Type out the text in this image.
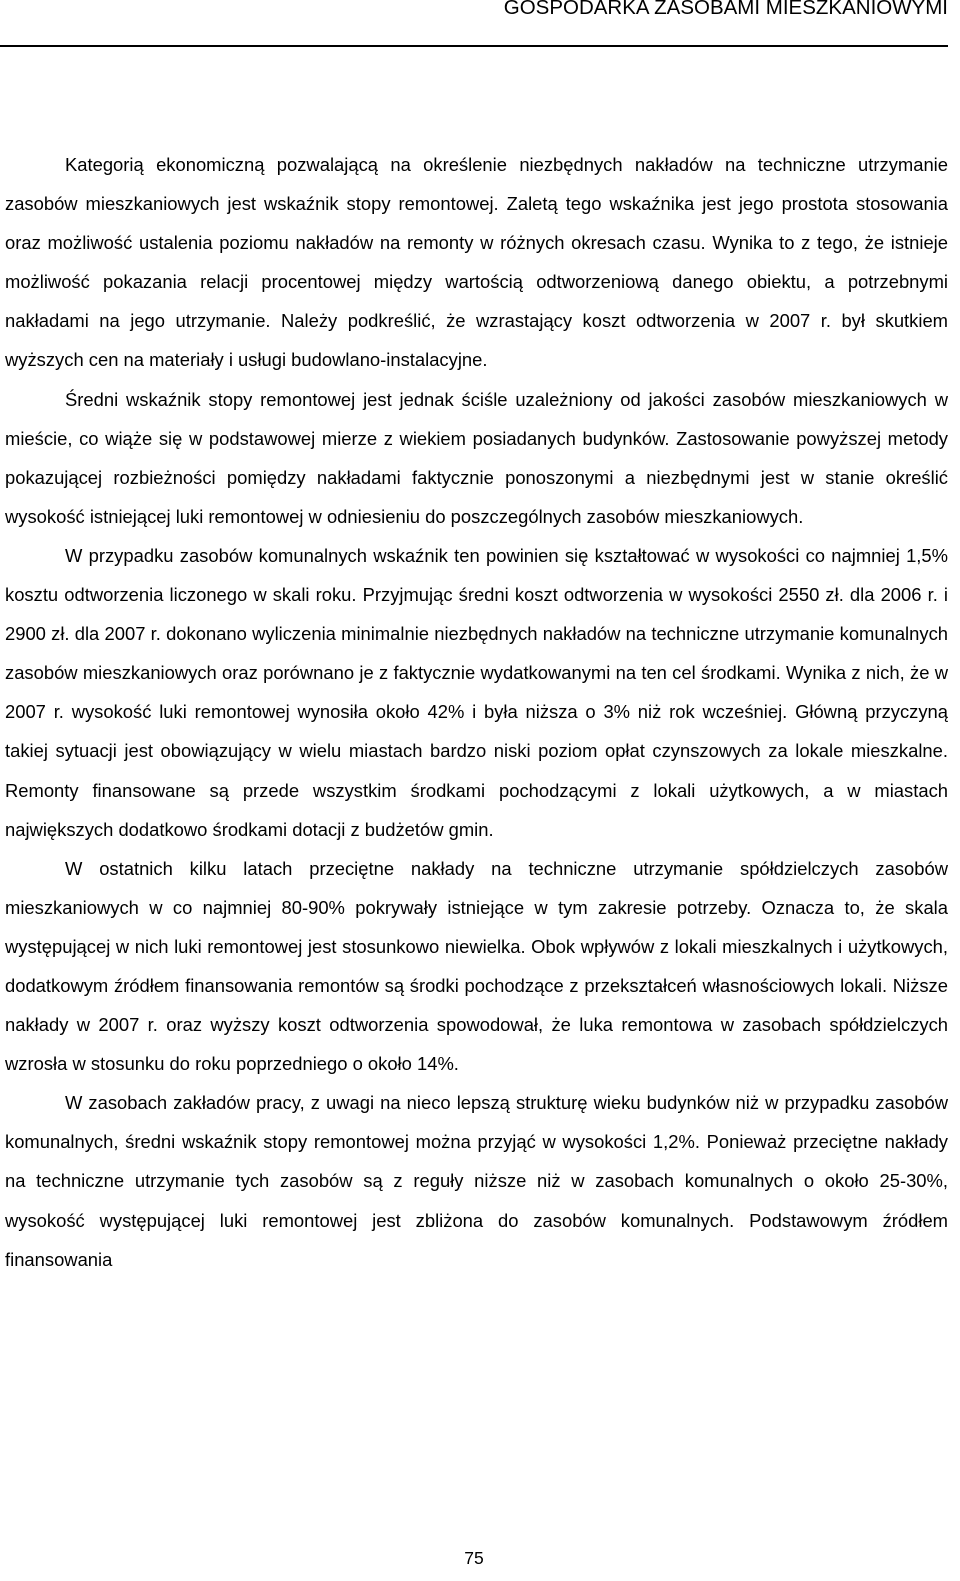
GOSPODARKA ZASOBAMI MIESZKANIOWYMI

Kategorią ekonomiczną pozwalającą na określenie niezbędnych nakładów na techniczne utrzymanie zasobów mieszkaniowych jest wskaźnik stopy remontowej. Zaletą tego wskaźnika jest jego prostota stosowania oraz możliwość ustalenia poziomu nakładów na remonty w różnych okresach czasu. Wynika to z tego, że istnieje możliwość pokazania relacji procentowej między wartością odtworzeniową danego obiektu, a potrzebnymi nakładami na jego utrzymanie. Należy podkreślić, że wzrastający koszt odtworzenia w 2007 r. był skutkiem wyższych cen na materiały i usługi budowlano-instalacyjne.

Średni wskaźnik stopy remontowej jest jednak ściśle uzależniony od jakości zasobów mieszkaniowych w mieście, co wiąże się w podstawowej mierze z wiekiem posiadanych budynków. Zastosowanie powyższej metody pokazującej rozbieżności pomiędzy nakładami faktycznie ponoszonymi a niezbędnymi jest w stanie określić wysokość istniejącej luki remontowej w odniesieniu do poszczególnych zasobów mieszkaniowych.

W przypadku zasobów komunalnych wskaźnik ten powinien się kształtować w wysokości co najmniej 1,5% kosztu odtworzenia liczonego w skali roku. Przyjmując średni koszt odtworzenia w wysokości 2550 zł. dla 2006 r. i 2900 zł. dla 2007 r. dokonano wyliczenia minimalnie niezbędnych nakładów na techniczne utrzymanie komunalnych zasobów mieszkaniowych oraz porównano je z faktycznie wydatkowanymi na ten cel środkami. Wynika z nich, że w 2007 r. wysokość luki remontowej wynosiła około 42% i była niższa o 3% niż rok wcześniej. Główną przyczyną takiej sytuacji jest obowiązujący w wielu miastach bardzo niski poziom opłat czynszowych za lokale mieszkalne. Remonty finansowane są przede wszystkim środkami pochodzącymi z lokali użytkowych, a w miastach największych dodatkowo środkami dotacji z budżetów gmin.

W ostatnich kilku latach przeciętne nakłady na techniczne utrzymanie spółdzielczych zasobów mieszkaniowych w co najmniej 80-90% pokrywały istniejące w tym zakresie potrzeby. Oznacza to, że skala występującej w nich luki remontowej jest stosunkowo niewielka. Obok wpływów z lokali mieszkalnych i użytkowych, dodatkowym źródłem finansowania remontów są środki pochodzące z przekształceń własnościowych lokali. Niższe nakłady w 2007 r. oraz wyższy koszt odtworzenia spowodował, że luka remontowa w zasobach spółdzielczych wzrosła w stosunku do roku poprzedniego o około 14%.

W zasobach zakładów pracy, z uwagi na nieco lepszą strukturę wieku budynków niż w przypadku zasobów komunalnych, średni wskaźnik stopy remontowej można przyjąć w wysokości 1,2%. Ponieważ przeciętne nakłady na techniczne utrzymanie tych zasobów są z reguły niższe niż w zasobach komunalnych o około 25-30%, wysokość występującej luki remontowej jest zbliżona do zasobów komunalnych. Podstawowym źródłem finansowania

75
